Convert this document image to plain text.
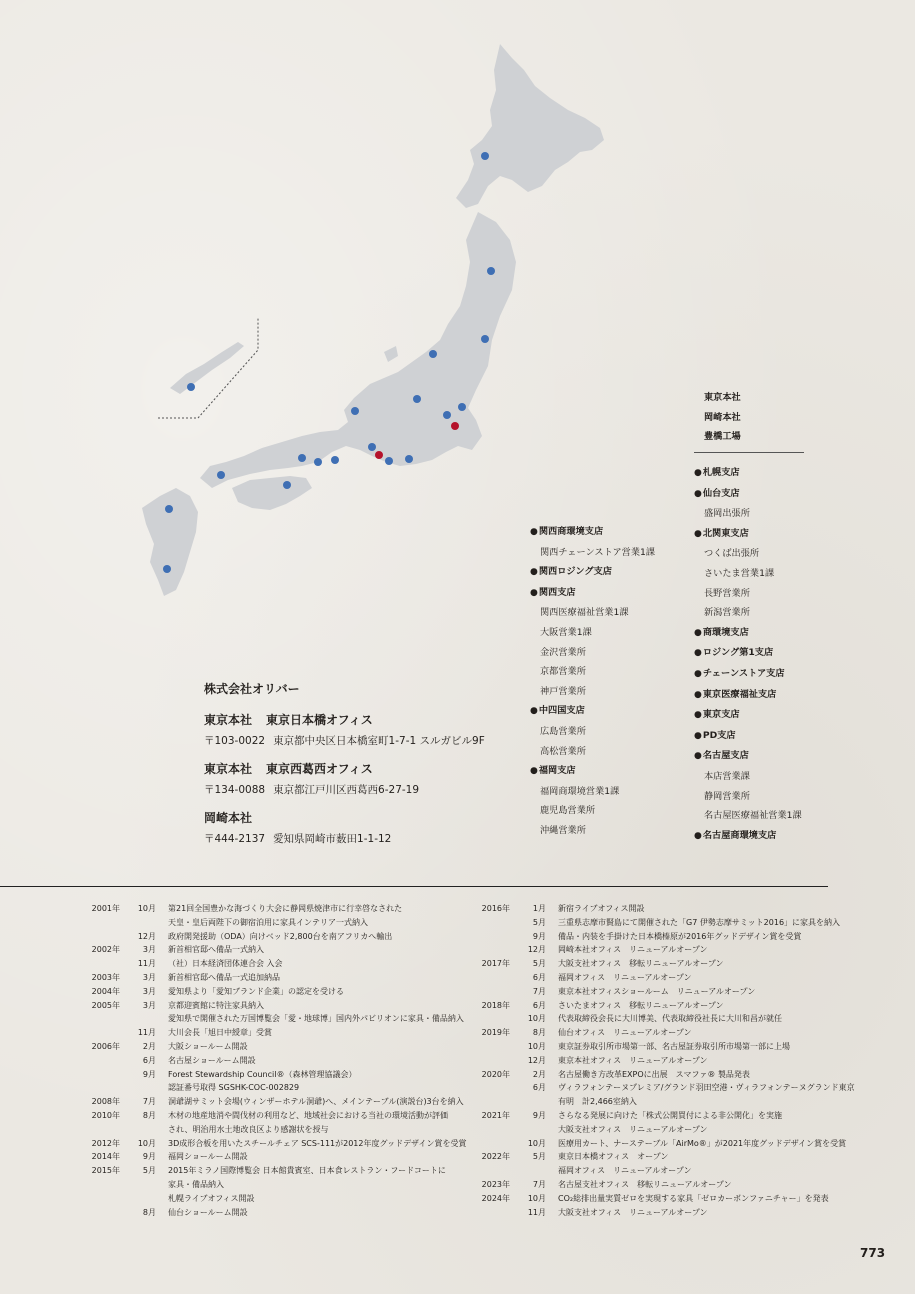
東京本社
岡崎本社
豊橋工場
● 関西商環境支店
関西チェーンストア営業1課
● 関西ロジング支店
● 関西支店
関西医療福祉営業1課
大阪営業1課
金沢営業所
京都営業所
神戸営業所
● 中四国支店
広島営業所
高松営業所
● 福岡支店
福岡商環境営業1課
鹿児島営業所
沖縄営業所
● 札幌支店
● 仙台支店
盛岡出張所
● 北関東支店
つくば出張所
さいたま営業1課
長野営業所
新潟営業所
● 商環境支店
● ロジング第1支店
● チェーンストア支店
● 東京医療福祉支店
● 東京支店
● PD支店
● 名古屋支店
本店営業課
静岡営業所
名古屋医療福祉営業1課
● 名古屋商環境支店
株式会社オリバー
東京本社 東京日本橋オフィス
〒103-0022 東京都中央区日本橋室町1-7-1 スルガビル9F
東京本社 東京西葛西オフィス
〒134-0088 東京都江戸川区西葛西6-27-19
岡崎本社
〒444-2137 愛知県岡崎市薮田1-1-12
2001年	10月	第21回全国豊かな海づくり大会に静岡県焼津市に行幸啓なされた
天皇・皇后両陛下の御宿泊用に家具インテリア一式納入
12月	政府開発援助（ODA）向けベッド2,800台を南アフリカへ輸出
2002年	3月	新首相官邸へ備品一式納入
11月	（社）日本経済団体連合会 入会
2003年	3月	新首相官邸へ備品一式追加納品
2004年	3月	愛知県より「愛知ブランド企業」の認定を受ける
2005年	3月	京都迎賓館に特注家具納入
愛知県で開催された万国博覧会「愛・地球博」国内外パビリオンに家具・備品納入
11月	大川会長「旭日中綬章」受賞
2006年	2月	大阪ショールーム開設
6月	名古屋ショールーム開設
9月	Forest Stewardship Council®（森林管理協議会）
認証番号取得 SGSHK-COC-002829
2008年	7月	洞爺湖サミット会場(ウィンザーホテル洞爺)へ、メインテーブル(演説台)3台を納入
2010年	8月	木材の地産地消や間伐材の利用など、地域社会における当社の環境活動が評価
され、明治用水土地改良区より感謝状を授与
2012年	10月	3D成形合板を用いたスチールチェア SCS-111が2012年度グッドデザイン賞を受賞
2014年	9月	福岡ショールーム開設
2015年	5月	2015年ミラノ国際博覧会 日本館貴賓室、日本食レストラン・フードコートに
家具・備品納入
札幌ライブオフィス開設
8月	仙台ショールーム開設
2016年	1月	新宿ライブオフィス開設
5月	三重県志摩市賢島にて開催された「G7 伊勢志摩サミット2016」に家具を納入
9月	備品・内装を手掛けた日本橋榛原が2016年グッドデザイン賞を受賞
12月	岡崎本社オフィス　リニューアルオープン
2017年	5月	大阪支社オフィス　移転リニューアルオープン
6月	福岡オフィス　リニューアルオープン
7月	東京本社オフィスショールーム　リニューアルオープン
2018年	6月	さいたまオフィス　移転リニューアルオープン
10月	代表取締役会長に大川博美、代表取締役社長に大川和昌が就任
2019年	8月	仙台オフィス　リニューアルオープン
10月	東京証券取引所市場第一部、名古屋証券取引所市場第一部に上場
12月	東京本社オフィス　リニューアルオープン
2020年	2月	名古屋働き方改革EXPOに出展　スマファ® 製品発表
6月	ヴィラフォンテーヌプレミア/グランド羽田空港・ヴィラフォンテーヌグランド東京
有明　計2,466室納入
2021年	9月	さらなる発展に向けた「株式公開買付による非公開化」を実施
大阪支社オフィス　リニューアルオープン
10月	医療用カート、ナーステーブル「AirMo®」が2021年度グッドデザイン賞を受賞
2022年	5月	東京日本橋オフィス　オープン
福岡オフィス　リニューアルオープン
2023年	7月	名古屋支社オフィス　移転リニューアルオープン
2024年	10月	CO₂総排出量実質ゼロを実現する家具「ゼロカーボンファニチャー」を発表
11月	大阪支社オフィス　リニューアルオープン
773
